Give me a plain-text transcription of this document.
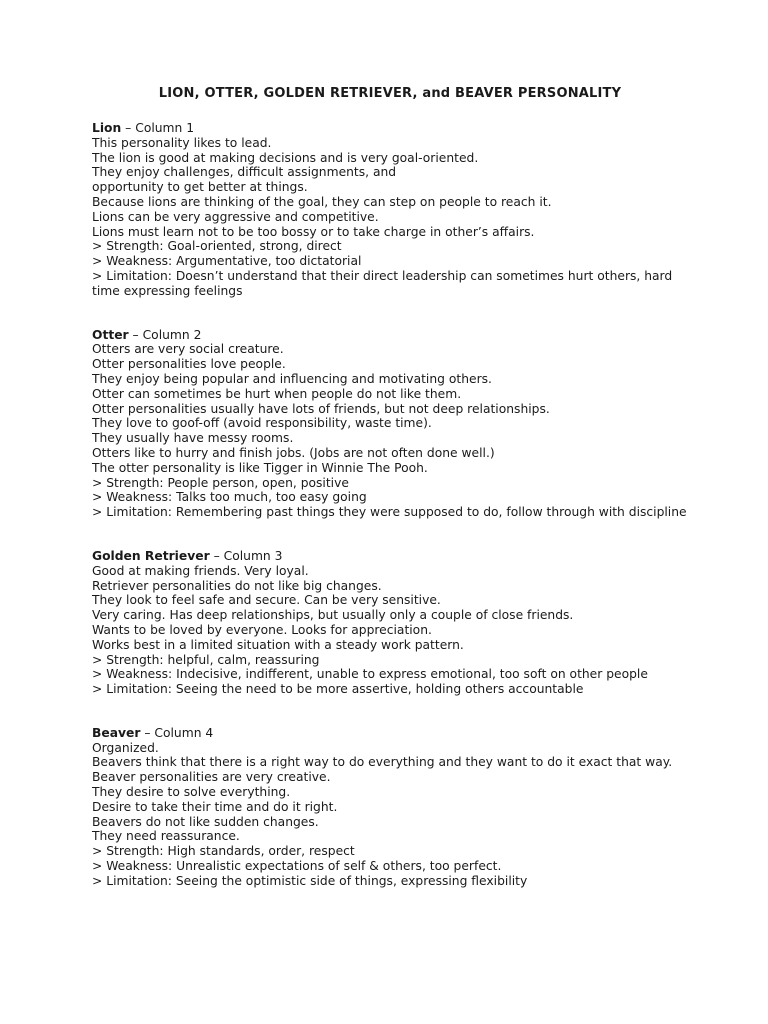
LION, OTTER, GOLDEN RETRIEVER, and BEAVER PERSONALITY

Lion – Column 1

This personality likes to lead.

The lion is good at making decisions and is very goal-oriented.

They enjoy challenges, difficult assignments, and

opportunity to get better at things.

Because lions are thinking of the goal, they can step on people to reach it.

Lions can be very aggressive and competitive.

Lions must learn not to be too bossy or to take charge in other’s affairs.

> Strength: Goal-oriented, strong, direct

> Weakness: Argumentative, too dictatorial

> Limitation: Doesn’t understand that their direct leadership can sometimes hurt others, hard time expressing feelings

Otter – Column 2

Otters are very social creature.

Otter personalities love people.

They enjoy being popular and influencing and motivating others.

Otter can sometimes be hurt when people do not like them.

Otter personalities usually have lots of friends, but not deep relationships.

They love to goof-off (avoid responsibility, waste time).

They usually have messy rooms.

Otters like to hurry and finish jobs. (Jobs are not often done well.)

The otter personality is like Tigger in Winnie The Pooh.

> Strength: People person, open, positive

> Weakness: Talks too much, too easy going

> Limitation: Remembering past things they were supposed to do, follow through with discipline

Golden Retriever – Column 3

Good at making friends. Very loyal.

Retriever personalities do not like big changes.

They look to feel safe and secure. Can be very sensitive.

Very caring. Has deep relationships, but usually only a couple of close friends.

Wants to be loved by everyone. Looks for appreciation.

Works best in a limited situation with a steady work pattern.

> Strength: helpful, calm, reassuring

> Weakness: Indecisive, indifferent, unable to express emotional, too soft on other people

> Limitation: Seeing the need to be more assertive, holding others accountable

Beaver – Column 4

Organized.

Beavers think that there is a right way to do everything and they want to do it exact that way.

Beaver personalities are very creative.

They desire to solve everything.

Desire to take their time and do it right.

Beavers do not like sudden changes.

They need reassurance.

> Strength: High standards, order, respect

> Weakness: Unrealistic expectations of self & others, too perfect.

> Limitation: Seeing the optimistic side of things, expressing flexibility
